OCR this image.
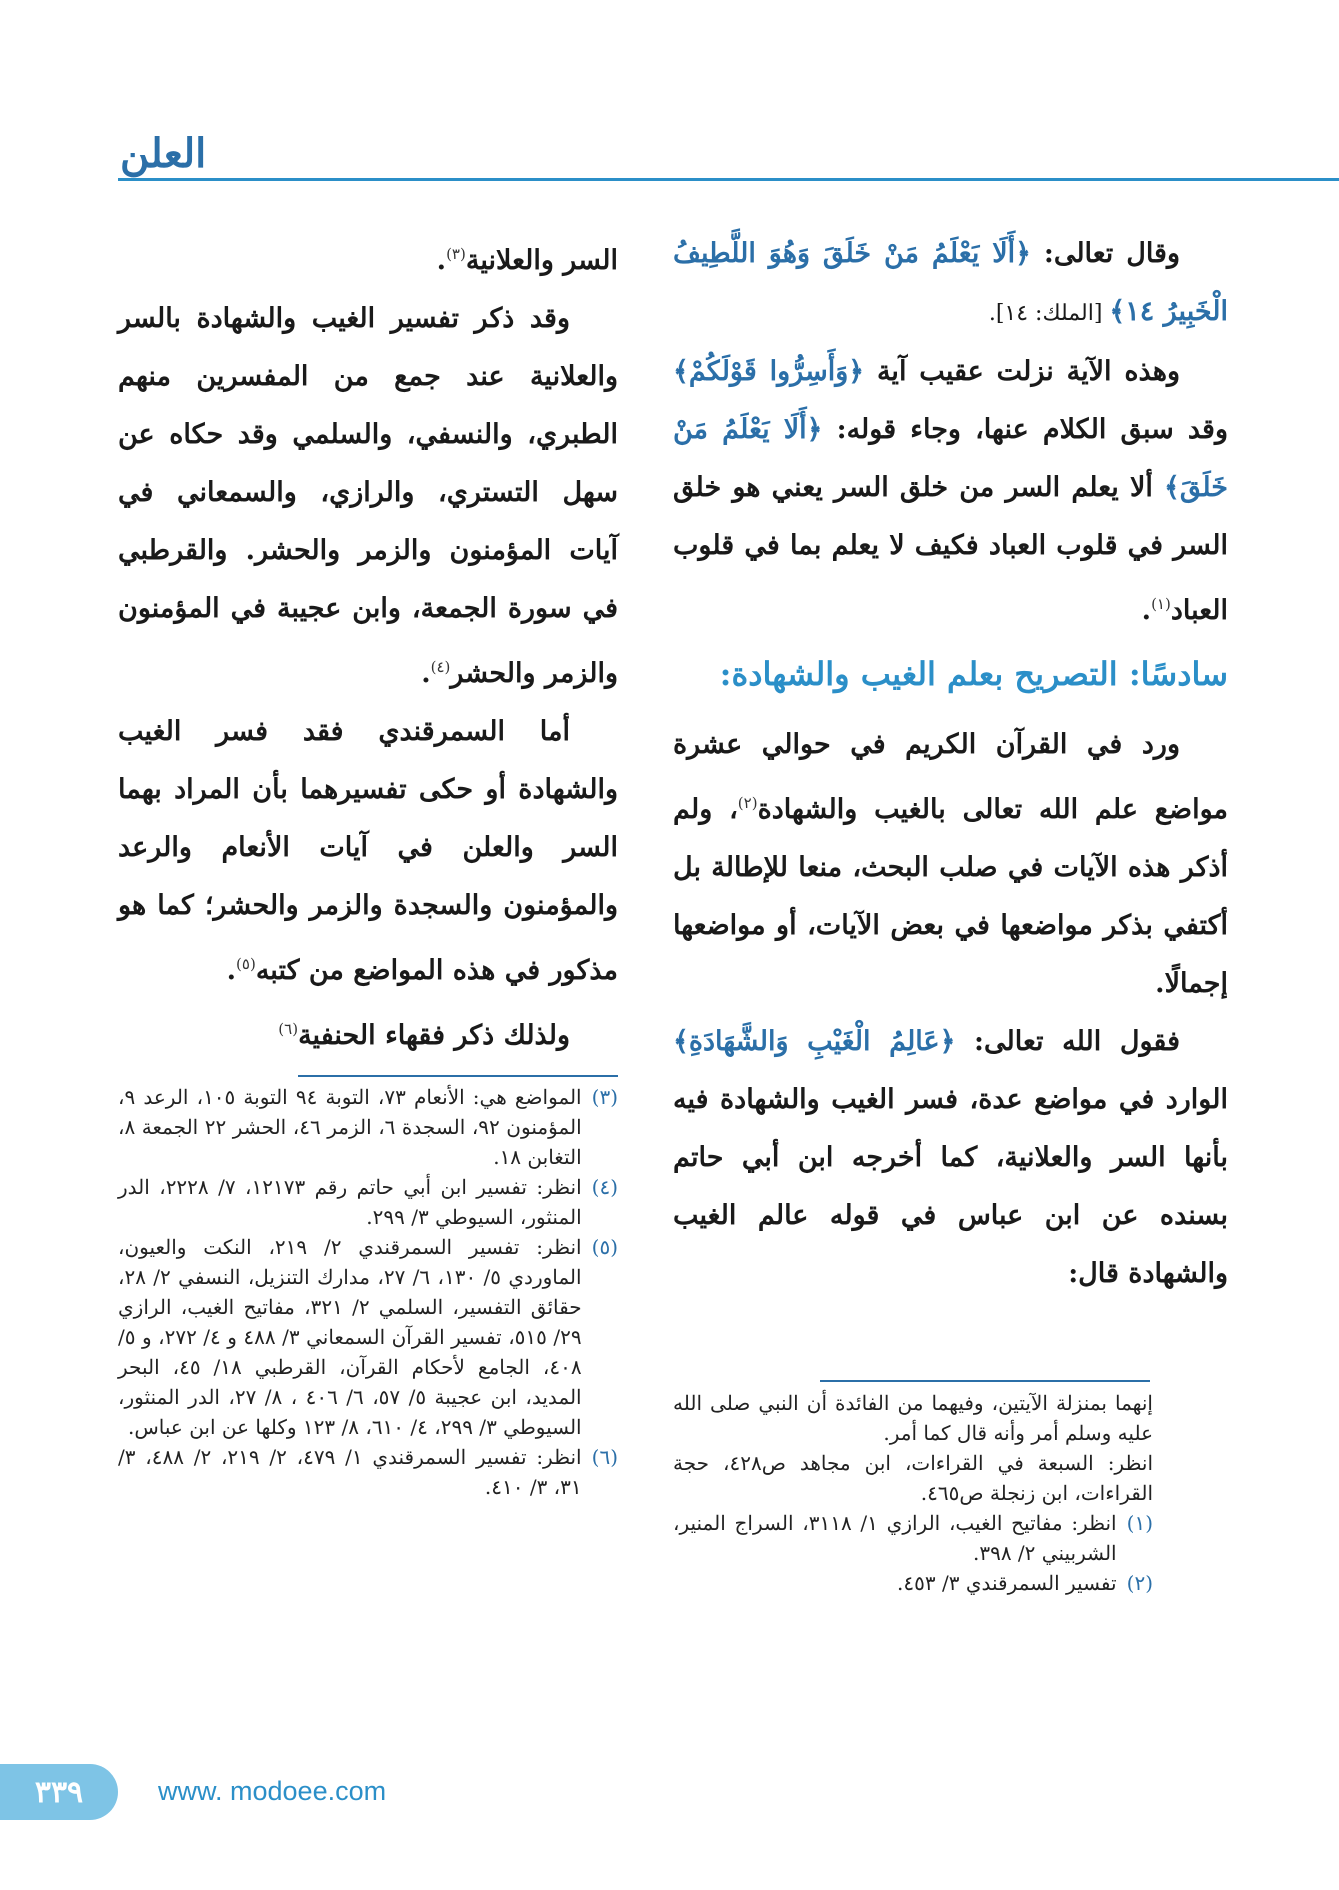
العلن

وقال تعالى: ﴿أَلَا يَعْلَمُ مَنْ خَلَقَ وَهُوَ اللَّطِيفُ الْخَبِيرُ ١٤﴾ [الملك: ١٤].

وهذه الآية نزلت عقيب آية ﴿وَأَسِرُّوا قَوْلَكُمْ﴾ وقد سبق الكلام عنها، وجاء قوله: ﴿أَلَا يَعْلَمُ مَنْ خَلَقَ﴾ ألا يعلم السر من خلق السر يعني هو خلق السر في قلوب العباد فكيف لا يعلم بما في قلوب العباد$^{(١)}$.

سادسًا: التصريح بعلم الغيب والشهادة:

ورد في القرآن الكريم في حوالي عشرة مواضع علم الله تعالى بالغيب والشهادة$^{(٢)}$، ولم أذكر هذه الآيات في صلب البحث، منعا للإطالة بل أكتفي بذكر مواضعها في بعض الآيات، أو مواضعها إجمالًا.

فقول الله تعالى: ﴿عَالِمُ الْغَيْبِ وَالشَّهَادَةِ﴾ الوارد في مواضع عدة، فسر الغيب والشهادة فيه بأنها السر والعلانية، كما أخرجه ابن أبي حاتم بسنده عن ابن عباس في قوله عالم الغيب والشهادة قال:

السر والعلانية$^{(٣)}$.

وقد ذكر تفسير الغيب والشهادة بالسر والعلانية عند جمع من المفسرين منهم الطبري، والنسفي، والسلمي وقد حكاه عن سهل التستري، والرازي، والسمعاني في آيات المؤمنون والزمر والحشر. والقرطبي في سورة الجمعة، وابن عجيبة في المؤمنون والزمر والحشر$^{(٤)}$.

أما السمرقندي فقد فسر الغيب والشهادة أو حكى تفسيرهما بأن المراد بهما السر والعلن في آيات الأنعام والرعد والمؤمنون والسجدة والزمر والحشر؛ كما هو مذكور في هذه المواضع من كتبه$^{(٥)}$.

ولذلك ذكر فقهاء الحنفية$^{(٦)}$

(٣)
المواضع هي: الأنعام ٧٣، التوبة ٩٤ التوبة ١٠٥، الرعد ٩، المؤمنون ٩٢، السجدة ٦، الزمر ٤٦، الحشر ٢٢ الجمعة ٨، التغابن ١٨.
(٤)
انظر: تفسير ابن أبي حاتم رقم ١٢١٧٣، ٧/ ٢٢٢٨، الدر المنثور، السيوطي ٣/ ٢٩٩.
(٥)
انظر: تفسير السمرقندي ٢/ ٢١٩، النكت والعيون، الماوردي ٥/ ١٣٠، ٦/ ٢٧، مدارك التنزيل، النسفي ٢/ ٢٨، حقائق التفسير، السلمي ٢/ ٣٢١، مفاتيح الغيب، الرازي ٢٩/ ٥١٥، تفسير القرآن السمعاني ٣/ ٤٨٨ و ٤/ ٢٧٢، و ٥/ ٤٠٨، الجامع لأحكام القرآن، القرطبي ١٨/ ٤٥، البحر المديد، ابن عجيبة ٥/ ٥٧، ٦/ ٤٠٦ ، ٨/ ٢٧، الدر المنثور، السيوطي ٣/ ٢٩٩، ٤/ ٦١٠، ٨/ ١٢٣ وكلها عن ابن عباس.
(٦)
انظر: تفسير السمرقندي ١/ ٤٧٩، ٢/ ٢١٩، ٢/ ٤٨٨، ٣/ ٣١، ٣/ ٤١٠.

إنهما بمنزلة الآيتين، وفيهما من الفائدة أن النبي صلى الله عليه وسلم أمر وأنه قال كما أمر.

انظر: السبعة في القراءات، ابن مجاهد ص٤٢٨، حجة القراءات، ابن زنجلة ص٤٦٥.

(١)
انظر: مفاتيح الغيب، الرازي ١/ ٣١١٨، السراج المنير، الشربيني ٢/ ٣٩٨.
(٢)
تفسير السمرقندي ٣/ ٤٥٣.
٣٣٩	www. modoee.com
